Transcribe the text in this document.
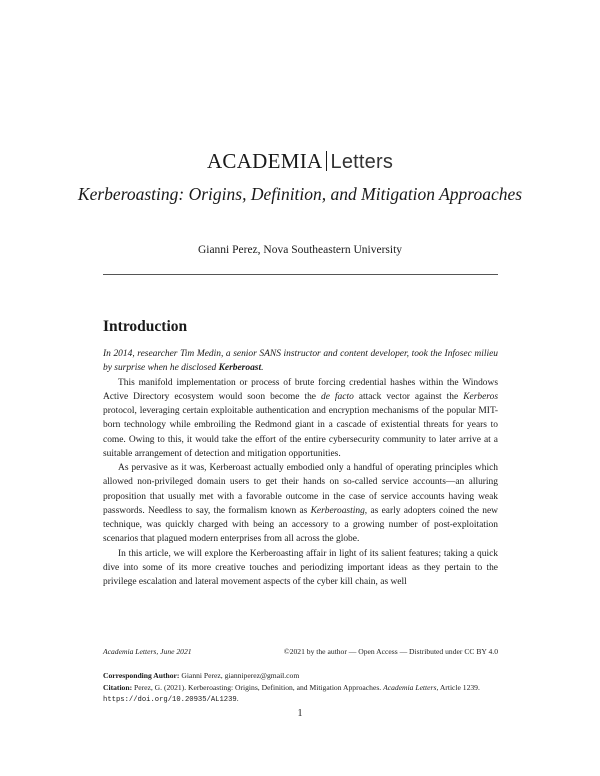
ACADEMIA Letters
Kerberoasting: Origins, Definition, and Mitigation Approaches
Gianni Perez, Nova Southeastern University
Introduction

In 2014, researcher Tim Medin, a senior SANS instructor and content developer, took the Infosec milieu by surprise when he disclosed Kerberoast.

This manifold implementation or process of brute forcing credential hashes within the Windows Active Directory ecosystem would soon become the de facto attack vector against the Kerberos protocol, leveraging certain exploitable authentication and encryption mechanisms of the popular MIT-born technology while embroiling the Redmond giant in a cascade of existential threats for years to come. Owing to this, it would take the effort of the entire cybersecurity community to later arrive at a suitable arrangement of detection and mitigation opportunities.

As pervasive as it was, Kerberoast actually embodied only a handful of operating principles which allowed non-privileged domain users to get their hands on so-called service accounts—an alluring proposition that usually met with a favorable outcome in the case of service accounts having weak passwords. Needless to say, the formalism known as Kerberoasting, as early adopters coined the new technique, was quickly charged with being an accessory to a growing number of post-exploitation scenarios that plagued modern enterprises from all across the globe.

In this article, we will explore the Kerberoasting affair in light of its salient features; taking a quick dive into some of its more creative touches and periodizing important ideas as they pertain to the privilege escalation and lateral movement aspects of the cyber kill chain, as well

Academia Letters, June 2021	©2021 by the author — Open Access — Distributed under CC BY 4.0
Corresponding Author: Gianni Perez, gianniperez@gmail.com
Citation: Perez, G. (2021). Kerberoasting: Origins, Definition, and Mitigation Approaches. Academia Letters, Article 1239. https://doi.org/10.20935/AL1239.
1
